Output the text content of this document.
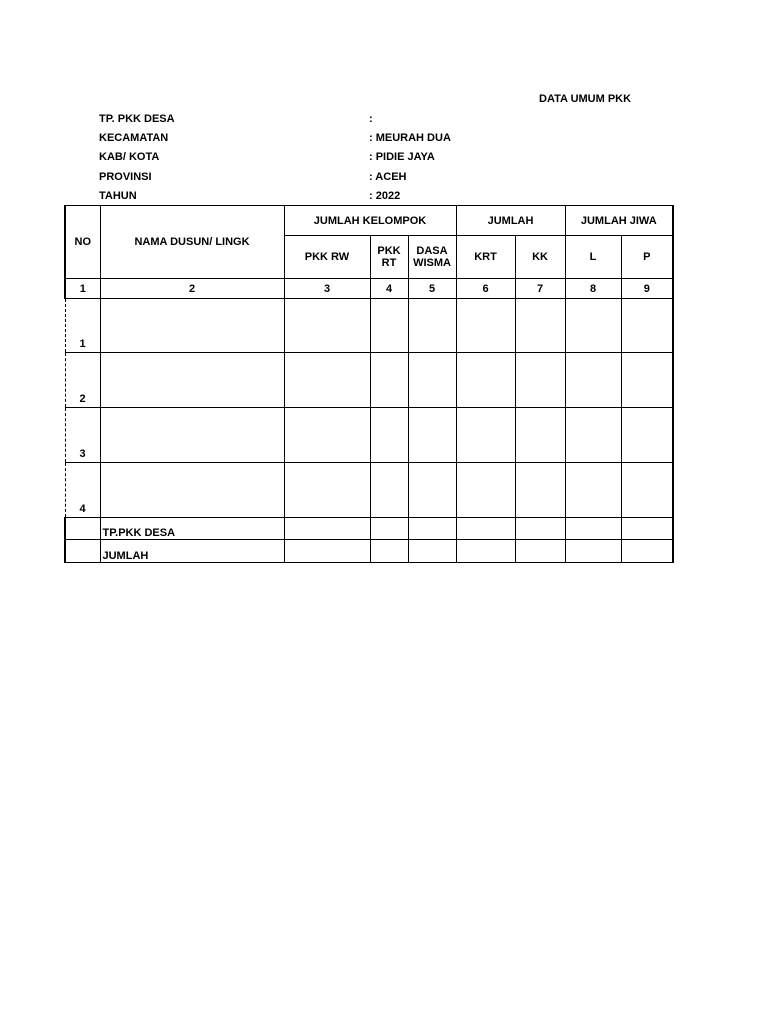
DATA UMUM PKK
TP. PKK DESA	:
KECAMATAN	: MEURAH DUA
KAB/ KOTA	: PIDIE JAYA
PROVINSI	: ACEH
TAHUN	: 2022
NO	NAMA DUSUN/ LINGK	JUMLAH KELOMPOK			JUMLAH		JUMLAH JIWA	
		PKK RW	PKK RT	DASA WISMA	KRT	KK	L	P
1	2	3	4	5	6	7	8	9
1								
2								
3								
4								
	TP.PKK DESA							
	JUMLAH							
